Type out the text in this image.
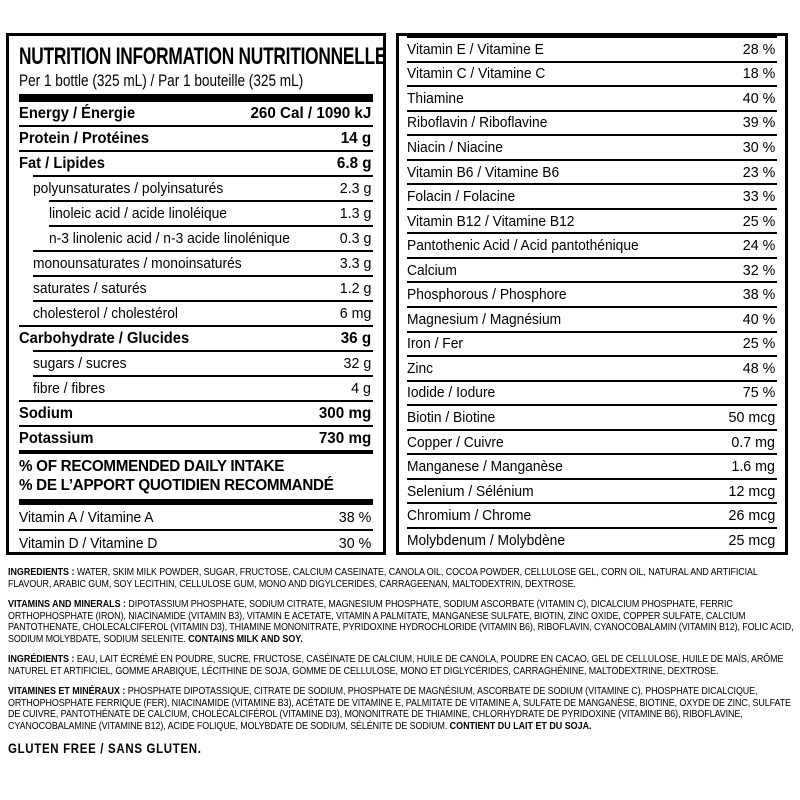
NUTRITION INFORMATION NUTRITIONNELLE
Per 1 bottle (325 mL) / Par 1 bouteille (325 mL)
Energy / Énergie	260 Cal / 1090 kJ
Protein / Protéines	14 g
Fat / Lipides	6.8 g
polyunsaturates / polyinsaturés	2.3 g
linoleic acid / acide linoléique	1.3 g
n-3 linolenic acid / n-3 acide linolénique	0.3 g
monounsaturates / monoinsaturés	3.3 g
saturates / saturés	1.2 g
cholesterol / cholestérol	6 mg
Carbohydrate / Glucides	36 g
sugars / sucres	32 g
fibre / fibres	4 g
Sodium	300 mg
Potassium	730 mg
% OF RECOMMENDED DAILY INTAKE
% DE L’APPORT QUOTIDIEN RECOMMANDÉ
Vitamin A / Vitamine A	38 %
Vitamin D / Vitamine D	30 %
Vitamin E / Vitamine E	28 %
Vitamin C / Vitamine C	18 %
Thiamine	40 %
Riboflavin / Riboflavine	39 %
Niacin / Niacine	30 %
Vitamin B6 / Vitamine B6	23 %
Folacin / Folacine	33 %
Vitamin B12 / Vitamine B12	25 %
Pantothenic Acid / Acid pantothénique	24 %
Calcium	32 %
Phosphorous / Phosphore	38 %
Magnesium / Magnésium	40 %
Iron / Fer	25 %
Zinc	48 %
Iodide / Iodure	75 %
Biotin / Biotine	50 mcg
Copper / Cuivre	0.7 mg
Manganese / Manganèse	1.6 mg
Selenium / Sélénium	12 mcg
Chromium / Chrome	26 mcg
Molybdenum / Molybdène	25 mcg
INGREDIENTS : WATER, SKIM MILK POWDER, SUGAR, FRUCTOSE, CALCIUM CASEINATE, CANOLA OIL, COCOA POWDER, CELLULOSE GEL, CORN OIL, NATURAL AND ARTIFICIAL FLAVOUR, ARABIC GUM, SOY LECITHIN, CELLULOSE GUM, MONO AND DIGYLCERIDES, CARRAGEENAN, MALTODEXTRIN, DEXTROSE.
VITAMINS AND MINERALS : DIPOTASSIUM PHOSPHATE, SODIUM CITRATE, MAGNESIUM PHOSPHATE, SODIUM ASCORBATE (VITAMIN C), DICALCIUM PHOSPHATE, FERRIC ORTHOPHOSPHATE (IRON), NIACINAMIDE (VITAMIN B3), VITAMIN E ACETATE, VITAMIN A PALMITATE, MANGANESE SULFATE, BIOTIN, ZINC OXIDE, COPPER SULFATE, CALCIUM PANTOTHENATE, CHOLECALCIFEROL (VITAMIN D3), THIAMINE MONONITRATE, PYRIDOXINE HYDROCHLORIDE (VITAMIN B6), RIBOFLAVIN, CYANOCOBALAMIN (VITAMIN B12), FOLIC ACID, SODIUM MOLYBDATE, SODIUM SELENITE. CONTAINS MILK AND SOY.
INGRÉDIENTS : EAU, LAIT ÉCRÉMÉ EN POUDRE, SUCRE, FRUCTOSE, CASÉINATE DE CALCIUM, HUILE DE CANOLA, POUDRE EN CACAO, GEL DE CELLULOSE, HUILE DE MAÏS, ARÔME NATUREL ET ARTIFICIEL, GOMME ARABIQUE, LÉCITHINE DE SOJA, GOMME DE CELLULOSE, MONO ET DIGLYCÉRIDES, CARRAGHÉNINE, MALTODEXTRINE, DEXTROSE.
VITAMINES ET MINÉRAUX : PHOSPHATE DIPOTASSIQUE, CITRATE DE SODIUM, PHOSPHATE DE MAGNÉSIUM, ASCORBATE DE SODIUM (VITAMINE C), PHOSPHATE DICALCIQUE, ORTHOPHOSPHATE FERRIQUE (FER), NIACINAMIDE (VITAMINE B3), ACÉTATE DE VITAMINE E, PALMITATE DE VITAMINE A, SULFATE DE MANGANÈSE, BIOTINE, OXYDE DE ZINC, SULFATE DE CUIVRE, PANTOTHÉNATE DE CALCIUM, CHOLÉCALCIFÉROL (VITAMINE D3), MONONITRATE DE THIAMINE, CHLORHYDRATE DE PYRIDOXINE (VITAMINE B6), RIBOFLAVINE, CYANOCOBALAMINE (VITAMINE B12), ACIDE FOLIQUE, MOLYBDATE DE SODIUM, SÉLÉNITE DE SODIUM. CONTIENT DU LAIT ET DU SOJA.
GLUTEN FREE / SANS GLUTEN.
